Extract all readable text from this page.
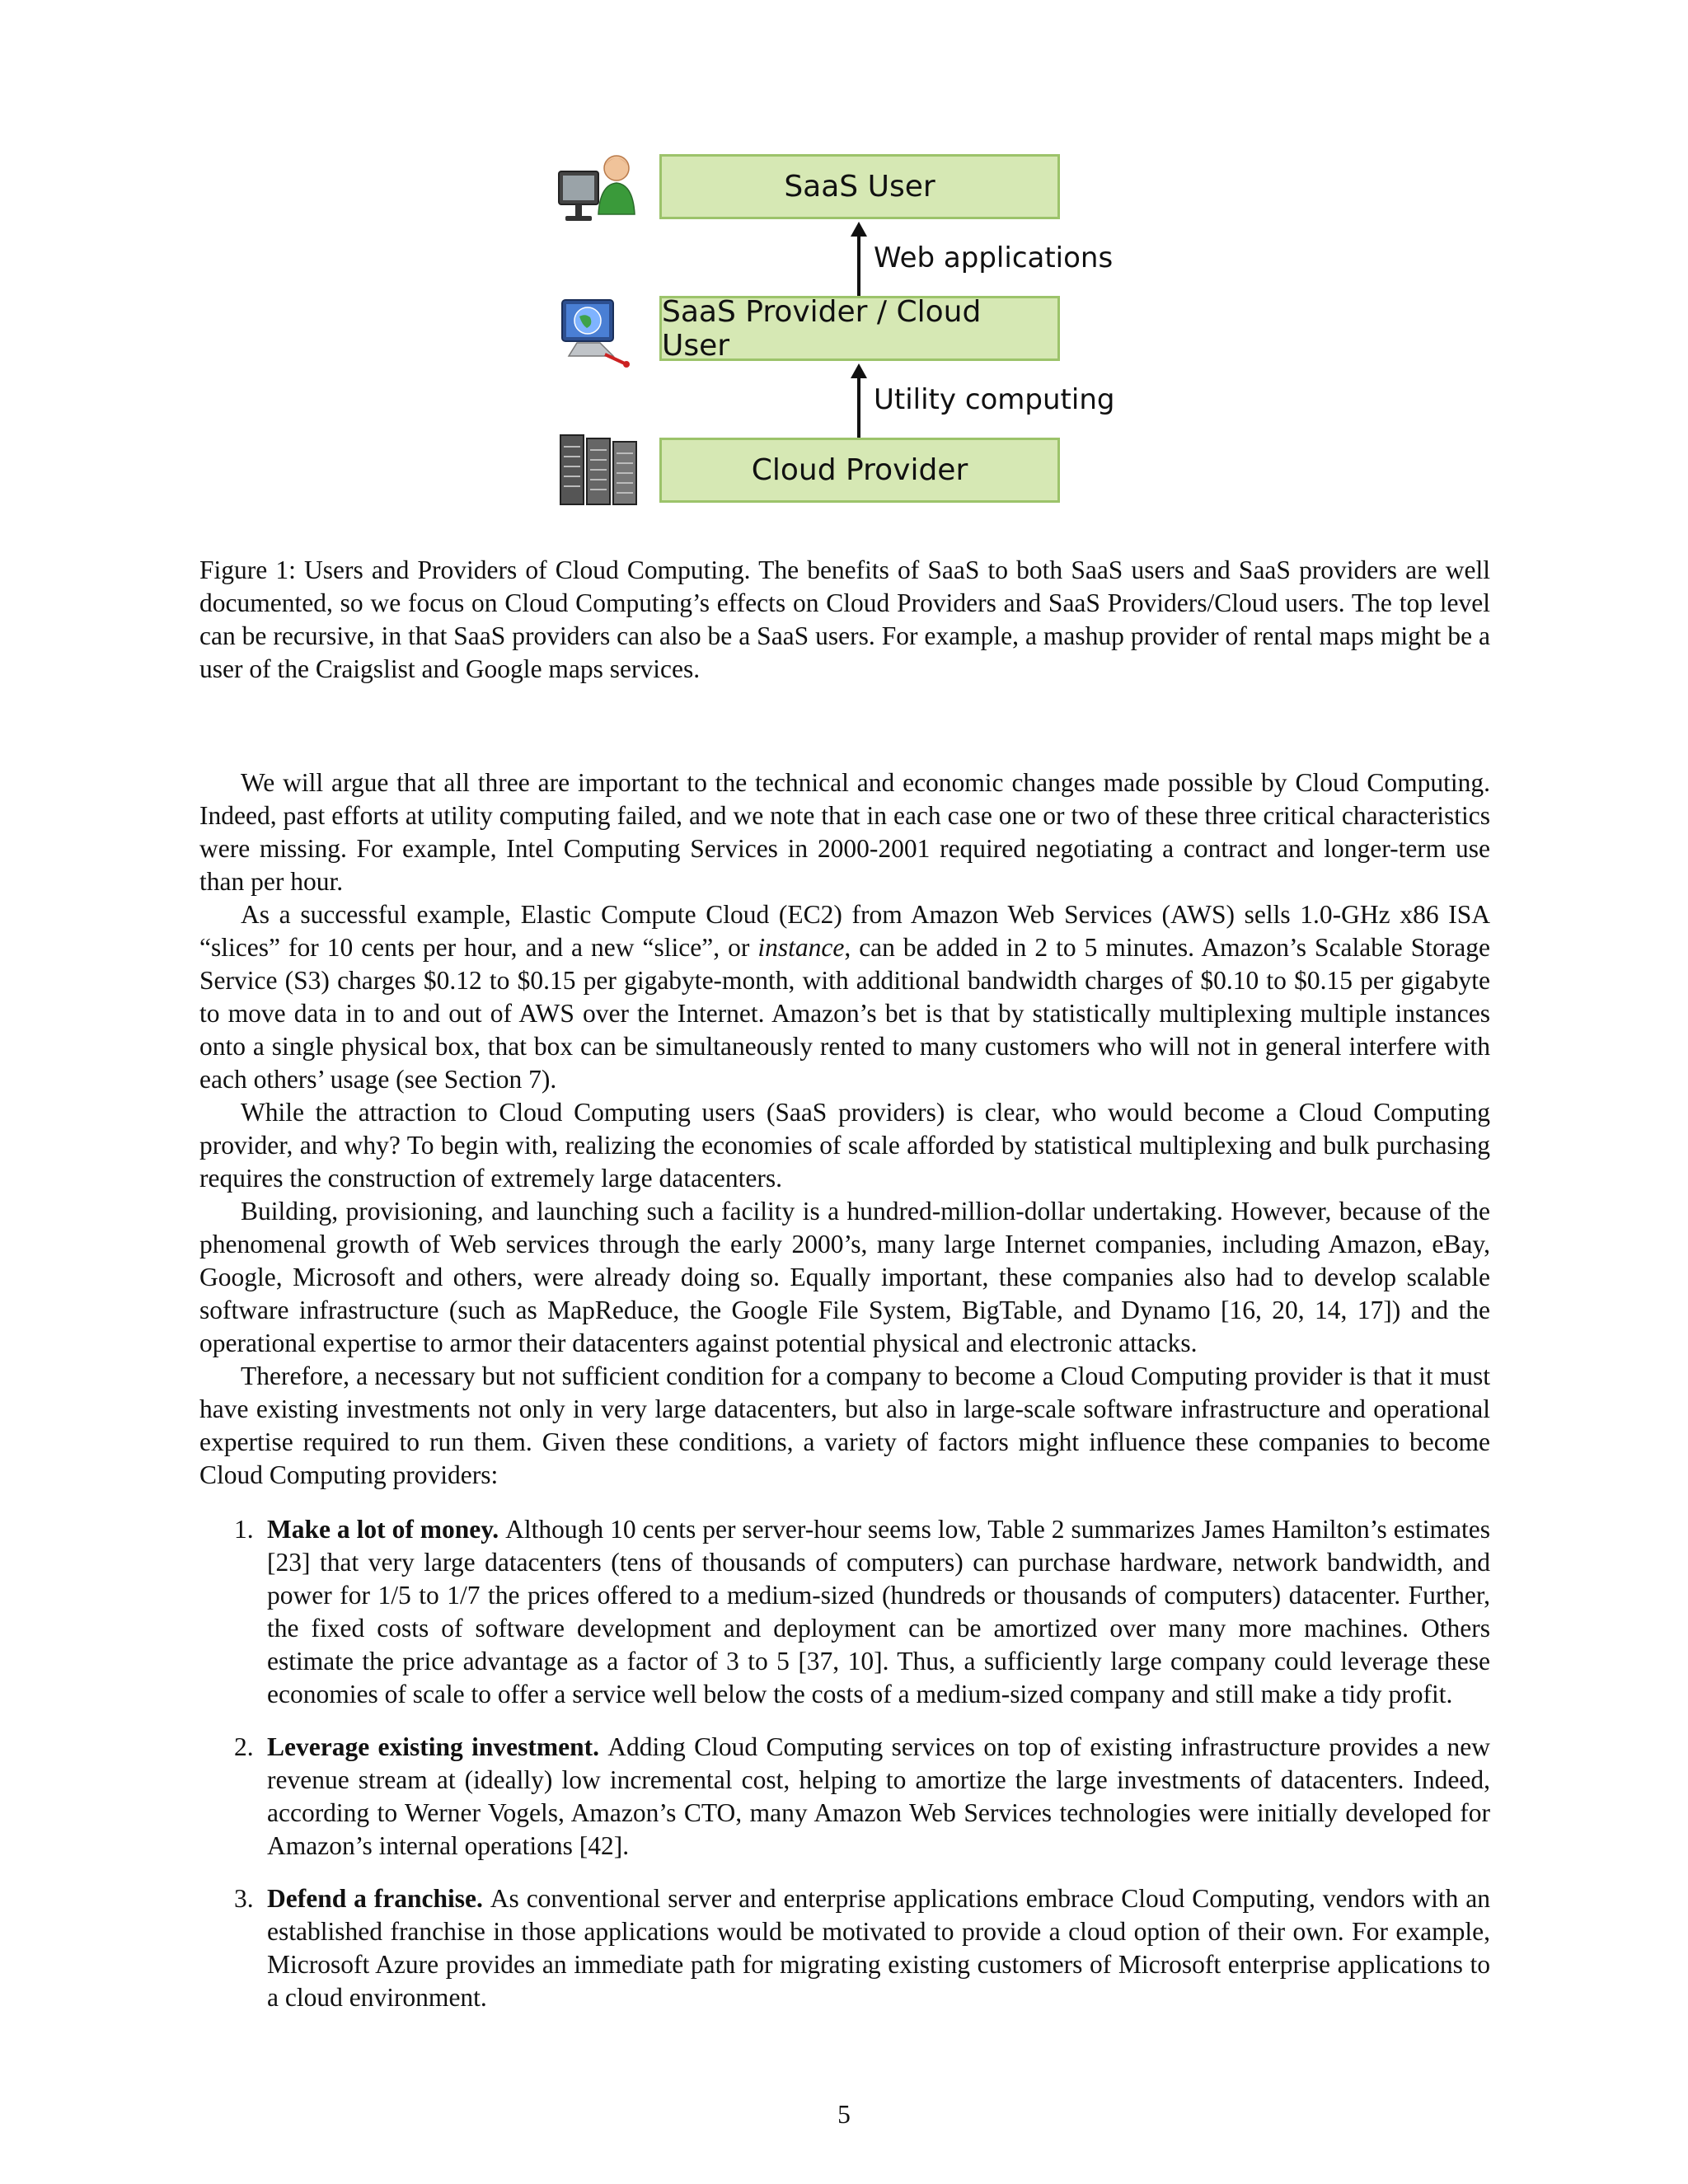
SaaS User
Web applications
SaaS Provider / Cloud User
Utility computing
Cloud Provider
Figure 1: Users and Providers of Cloud Computing. The benefits of SaaS to both SaaS users and SaaS providers are well documented, so we focus on Cloud Computing’s effects on Cloud Providers and SaaS Providers/Cloud users. The top level can be recursive, in that SaaS providers can also be a SaaS users. For example, a mashup provider of rental maps might be a user of the Craigslist and Google maps services.

We will argue that all three are important to the technical and economic changes made possible by Cloud Computing. Indeed, past efforts at utility computing failed, and we note that in each case one or two of these three critical characteristics were missing. For example, Intel Computing Services in 2000-2001 required negotiating a contract and longer-term use than per hour.

As a successful example, Elastic Compute Cloud (EC2) from Amazon Web Services (AWS) sells 1.0-GHz x86 ISA “slices” for 10 cents per hour, and a new “slice”, or instance, can be added in 2 to 5 minutes. Amazon’s Scalable Storage Service (S3) charges $0.12 to $0.15 per gigabyte-month, with additional bandwidth charges of $0.10 to $0.15 per gigabyte to move data in to and out of AWS over the Internet. Amazon’s bet is that by statistically multiplexing multiple instances onto a single physical box, that box can be simultaneously rented to many customers who will not in general interfere with each others’ usage (see Section 7).

While the attraction to Cloud Computing users (SaaS providers) is clear, who would become a Cloud Computing provider, and why? To begin with, realizing the economies of scale afforded by statistical multiplexing and bulk purchasing requires the construction of extremely large datacenters.

Building, provisioning, and launching such a facility is a hundred-million-dollar undertaking. However, because of the phenomenal growth of Web services through the early 2000’s, many large Internet companies, including Amazon, eBay, Google, Microsoft and others, were already doing so. Equally important, these companies also had to develop scalable software infrastructure (such as MapReduce, the Google File System, BigTable, and Dynamo [16, 20, 14, 17]) and the operational expertise to armor their datacenters against potential physical and electronic attacks.

Therefore, a necessary but not sufficient condition for a company to become a Cloud Computing provider is that it must have existing investments not only in very large datacenters, but also in large-scale software infrastructure and operational expertise required to run them. Given these conditions, a variety of factors might influence these companies to become Cloud Computing providers:

1. Make a lot of money. Although 10 cents per server-hour seems low, Table 2 summarizes James Hamilton’s estimates [23] that very large datacenters (tens of thousands of computers) can purchase hardware, network bandwidth, and power for 1/5 to 1/7 the prices offered to a medium-sized (hundreds or thousands of computers) datacenter. Further, the fixed costs of software development and deployment can be amortized over many more machines. Others estimate the price advantage as a factor of 3 to 5 [37, 10]. Thus, a sufficiently large company could leverage these economies of scale to offer a service well below the costs of a medium-sized company and still make a tidy profit.
2. Leverage existing investment. Adding Cloud Computing services on top of existing infrastructure provides a new revenue stream at (ideally) low incremental cost, helping to amortize the large investments of datacenters. Indeed, according to Werner Vogels, Amazon’s CTO, many Amazon Web Services technologies were initially developed for Amazon’s internal operations [42].
3. Defend a franchise. As conventional server and enterprise applications embrace Cloud Computing, vendors with an established franchise in those applications would be motivated to provide a cloud option of their own. For example, Microsoft Azure provides an immediate path for migrating existing customers of Microsoft enterprise applications to a cloud environment.
5
